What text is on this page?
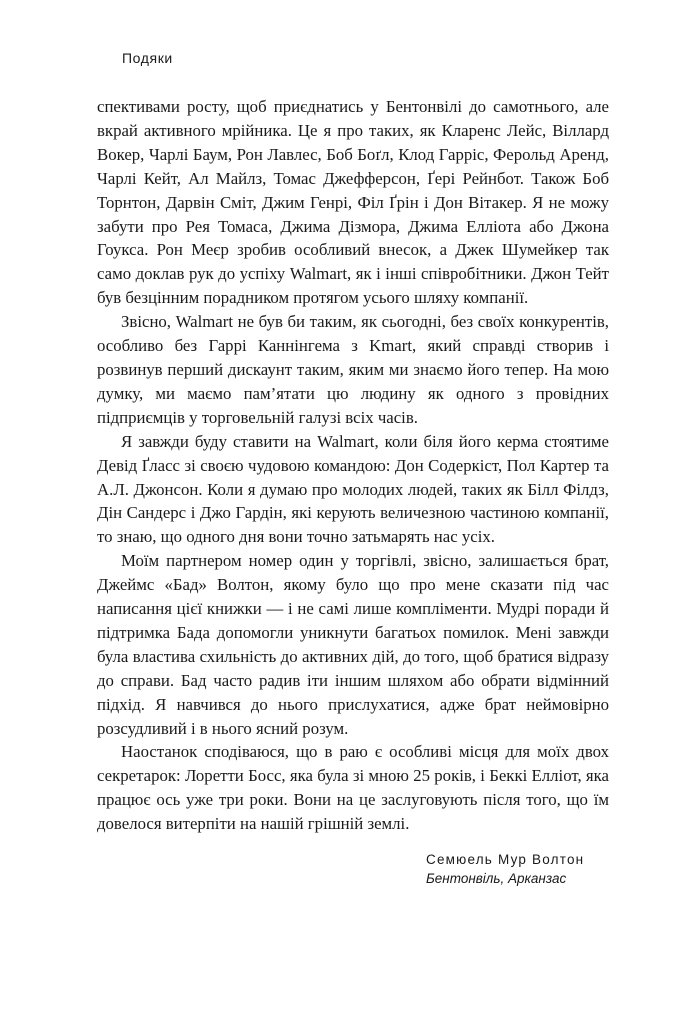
Подяки

спективами росту, щоб приєднатись у Бентонвілі до самотнього, але вкрай активного мрійника. Це я про таких, як Кларенс Лейс, Віллард Вокер, Чарлі Баум, Рон Лавлес, Боб Боґл, Клод Гарріс, Ферольд Аренд, Чарлі Кейт, Ал Майлз, Томас Джефферсон, Ґері Рейнбот. Також Боб Торнтон, Дарвін Сміт, Джим Генрі, Філ Ґрін і Дон Вітакер. Я не можу забути про Рея Томаса, Джима Дізмора, Джима Елліота або Джона Гоукса. Рон Меєр зробив особливий внесок, а Джек Шумейкер так само доклав рук до успіху Walmart, як і інші співробітники. Джон Тейт був безцінним порадником протягом усього шляху компанії.

Звісно, Walmart не був би таким, як сьогодні, без своїх конкурентів, особливо без Гаррі Каннінгема з Kmart, який справді створив і розвинув перший дискаунт таким, яким ми знаємо його тепер. На мою думку, ми маємо пам’ятати цю людину як одного з провідних підприємців у торговельній галузі всіх часів.

Я завжди буду ставити на Walmart, коли біля його керма стоятиме Девід Ґласс зі своєю чудовою командою: Дон Содеркіст, Пол Картер та А.Л. Джонсон. Коли я думаю про молодих людей, таких як Білл Філдз, Дін Сандерс і Джо Гардін, які керують величезною частиною компанії, то знаю, що одного дня вони точно затьмарять нас усіх.

Моїм партнером номер один у торгівлі, звісно, залишається брат, Джеймс «Бад» Волтон, якому було що про мене сказати під час написання цієї книжки — і не самі лише компліменти. Мудрі поради й підтримка Бада допомогли уникнути багатьох помилок. Мені завжди була властива схильність до активних дій, до того, щоб братися відразу до справи. Бад часто радив іти іншим шляхом або обрати відмінний підхід. Я навчився до нього прислухатися, адже брат неймовірно розсудливий і в нього ясний розум.

Наостанок сподіваюся, що в раю є особливі місця для моїх двох секретарок: Лоретти Босс, яка була зі мною 25 років, і Беккі Елліот, яка працює ось уже три роки. Вони на це заслуговують після того, що їм довелося витерпіти на нашій грішній землі.

Семюель Мур Волтон
Бентонвіль, Арканзас
